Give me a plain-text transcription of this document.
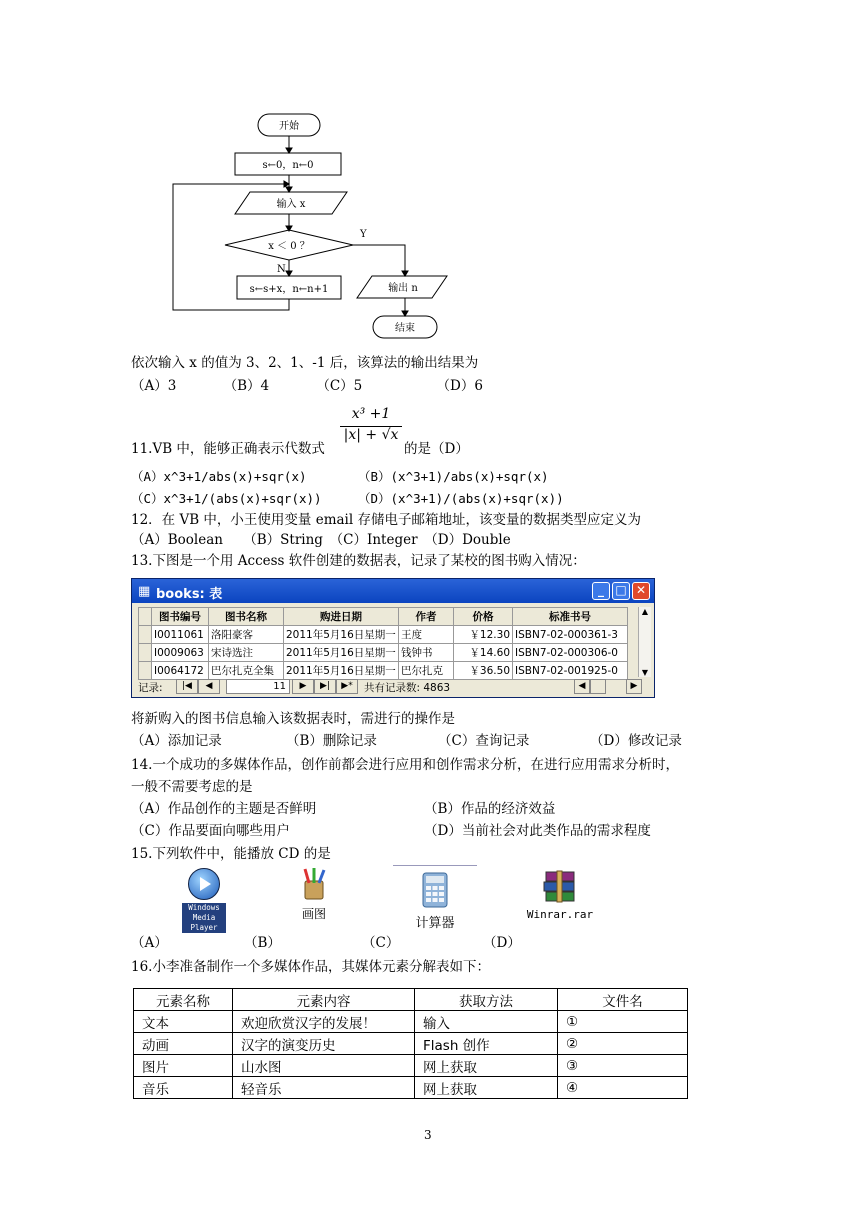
开始
s←0，n←0
输入 x
x ＜ 0 ？
Y
N
s←s+x，n←n+1	输出 n
结束
依次输入 x 的值为 3、2、1、-1 后，该算法的输出结果为
（A）3　　　　（B）4　　　　（C）5　　　　　　（D）6
11.VB 中，能够正确表示代数式
$\frac{\text{x³ +1}}{|x| + √x}$
的是（D）
（A）x^3+1/abs(x)+sqr(x)	（B）(x^3+1)/abs(x)+sqr(x)
（C）x^3+1/(abs(x)+sqr(x))	（D）(x^3+1)/(abs(x)+sqr(x))
12．在 VB 中，小王使用变量 email 存储电子邮箱地址，该变量的数据类型应定义为
（A）Boolean　　（B）String　（C）Integer　（D）Double
13.下图是一个用 Access 软件创建的数据表，记录了某校的图书购入情况：
▦ books: 表	_ □ ✕
	图书编号	图书名称	购进日期	作者	价格	标准书号
	I0011061	洛阳豪客	2011年5月16日星期一	王度	￥12.30	ISBN7-02-000361-3
	I0009063	宋诗选注	2011年5月16日星期一	钱钟书	￥14.60	ISBN7-02-000306-0
	I0064172	巴尔扎克全集	2011年5月16日星期一	巴尔扎克	￥36.50	ISBN7-02-001925-0
▲
▼
记录:	|◀	◀	11	▶	▶|	▶*	共有记录数: 4863	◀	▶
将新购入的图书信息输入该数据表时，需进行的操作是
（A）添加记录	（B）删除记录	（C）查询记录	（D）修改记录
14.一个成功的多媒体作品，创作前都会进行应用和创作需求分析，在进行应用需求分析时，
一般不需要考虑的是
（A）作品创作的主题是否鲜明	（B）作品的经济效益
（C）作品要面向哪些用户	（D）当前社会对此类作品的需求程度
15.下列软件中，能播放 CD 的是
Windows Media Player
画图
计算器
Winrar.rar
（A）	（B）	（C）	（D）
16.小李准备制作一个多媒体作品，其媒体元素分解表如下：
元素名称	元素内容	获取方法	文件名
文本	欢迎欣赏汉字的发展！	输入	①
动画	汉字的演变历史	Flash 创作	②
图片	山水图	网上获取	③
音乐	轻音乐	网上获取	④
3
